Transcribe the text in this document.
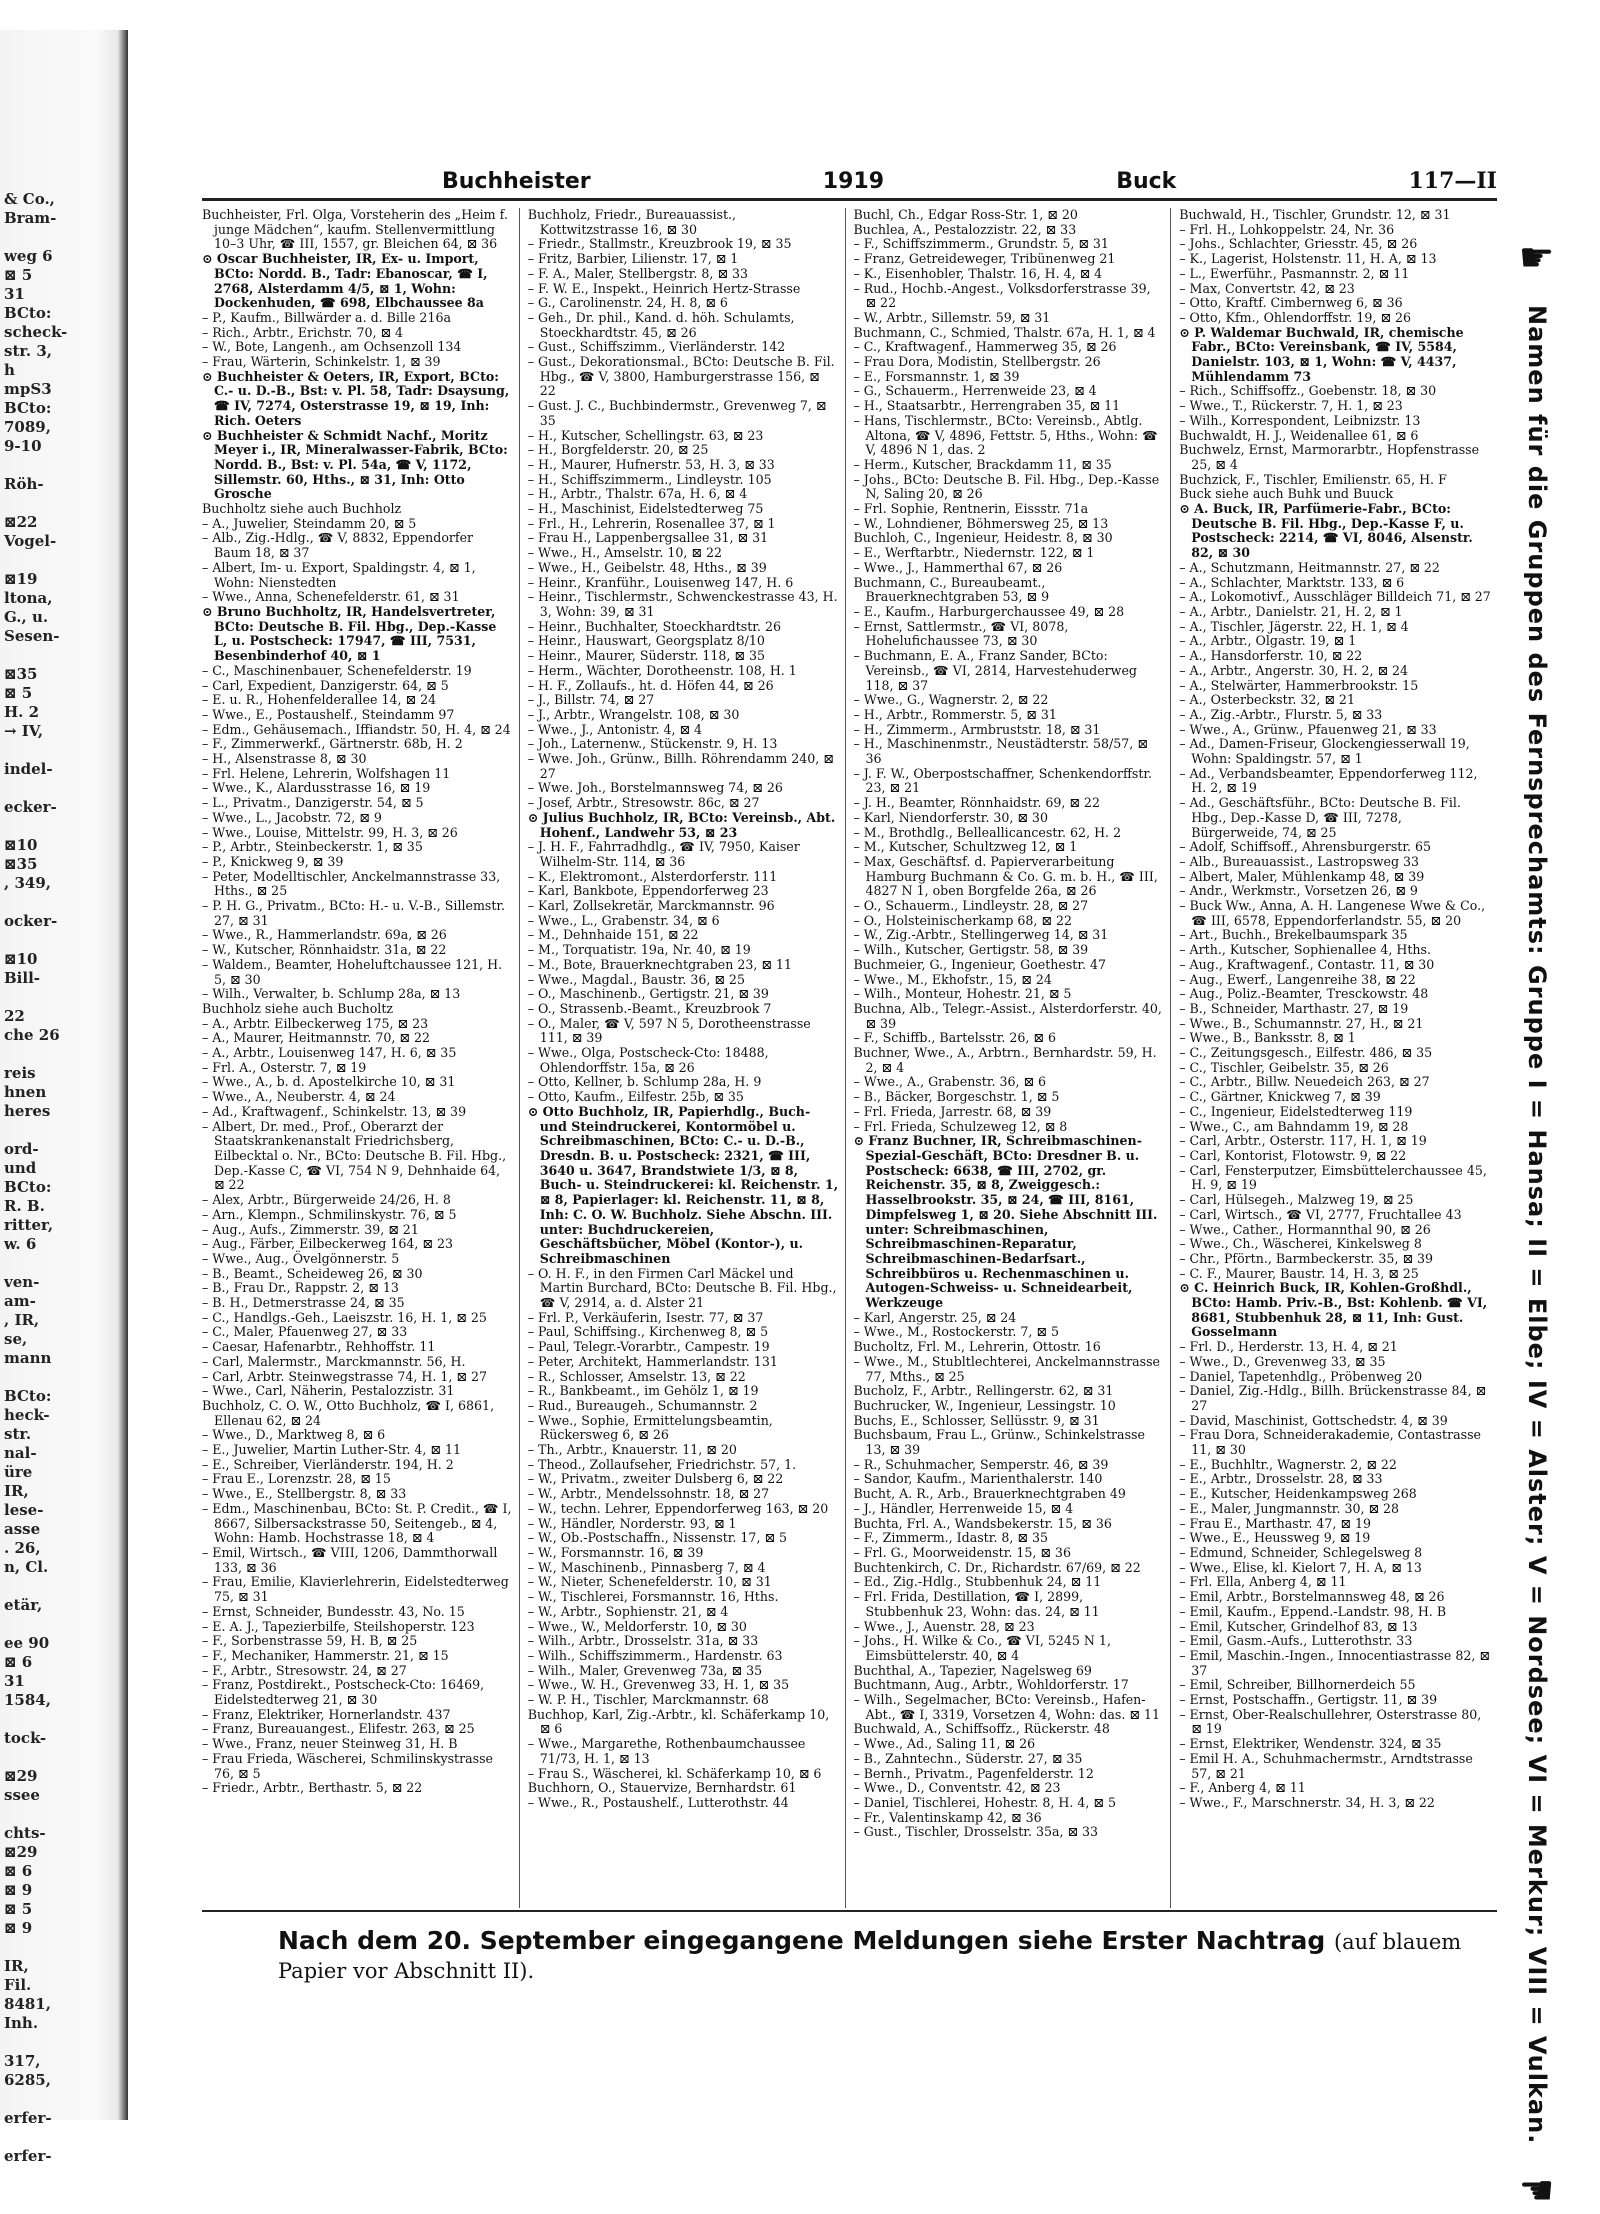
& Co.,
Bram-

weg 6
⊠ 5
31
BCto:
scheck-
str. 3,
h
mpS3
BCto:
7089,
9-10

Röh-

⊠22
Vogel-

⊠19
ltona,
G., u.
Sesen-

⊠35
⊠ 5
H. 2
→ IV,

indel-

ecker-

⊠10
⊠35
, 349,

ocker-

⊠10
Bill-

22
che 26

reis
hnen
heres

ord-
und
BCto:
R. B.
ritter,
w. 6

ven-
am-
, IR,
se,
mann

BCto:
heck-
str.
nal-
üre
IR,
lese-
asse
. 26,
n, Cl.

etär,

ee 90
⊠ 6
31
1584,

tock-

⊠29
ssee

chts-
⊠29
⊠ 6
⊠ 9
⊠ 5
⊠ 9

IR,
Fil.
8481,
Inh.

317,
6285,

erfer-

erfer-
Buchheister	1919	Buck	117—II

Buchheister, Frl. Olga, Vorsteherin des „Heim f. junge Mädchen“, kaufm. Stellenvermittlung 10–3 Uhr, ☎ III, 1557, gr. Bleichen 64, ⊠ 36

⊙ Oscar Buchheister, IR, Ex- u. Import, BCto: Nordd. B., Tadr: Ebanoscar, ☎ I, 2768, Alsterdamm 4/5, ⊠ 1, Wohn: Dockenhuden, ☎ 698, Elbchaussee 8a

– P., Kaufm., Billwärder a. d. Bille 216a

– Rich., Arbtr., Erichstr. 70, ⊠ 4

– W., Bote, Langenh., am Ochsenzoll 134

– Frau, Wärterin, Schinkelstr. 1, ⊠ 39

⊙ Buchheister & Oeters, IR, Export, BCto: C.- u. D.-B., Bst: v. Pl. 58, Tadr: Dsaysung, ☎ IV, 7274, Osterstrasse 19, ⊠ 19, Inh: Rich. Oeters

⊙ Buchheister & Schmidt Nachf., Moritz Meyer i., IR, Mineralwasser-Fabrik, BCto: Nordd. B., Bst: v. Pl. 54a, ☎ V, 1172, Sillemstr. 60, Hths., ⊠ 31, Inh: Otto Grosche

Buchholtz siehe auch Buchholz

– A., Juwelier, Steindamm 20, ⊠ 5

– Alb., Zig.-Hdlg., ☎ V, 8832, Eppendorfer Baum 18, ⊠ 37

– Albert, Im- u. Export, Spaldingstr. 4, ⊠ 1, Wohn: Nienstedten

– Wwe., Anna, Schenefelderstr. 61, ⊠ 31

⊙ Bruno Buchholtz, IR, Handelsvertreter, BCto: Deutsche B. Fil. Hbg., Dep.-Kasse L, u. Postscheck: 17947, ☎ III, 7531, Besenbinderhof 40, ⊠ 1

– C., Maschinenbauer, Schenefelderstr. 19

– Carl, Expedient, Danzigerstr. 64, ⊠ 5

– E. u. R., Hohenfelderallee 14, ⊠ 24

– Wwe., E., Postaushelf., Steindamm 97

– Edm., Gehäusemach., Iffiandstr. 50, H. 4, ⊠ 24

– F., Zimmerwerkf., Gärtnerstr. 68b, H. 2

– H., Alsenstrasse 8, ⊠ 30

– Frl. Helene, Lehrerin, Wolfshagen 11

– Wwe., K., Alardusstrasse 16, ⊠ 19

– L., Privatm., Danzigerstr. 54, ⊠ 5

– Wwe., L., Jacobstr. 72, ⊠ 9

– Wwe., Louise, Mittelstr. 99, H. 3, ⊠ 26

– P., Arbtr., Steinbeckerstr. 1, ⊠ 35

– P., Knickweg 9, ⊠ 39

– Peter, Modelltischler, Anckelmannstrasse 33, Hths., ⊠ 25

– P. H. G., Privatm., BCto: H.- u. V.-B., Sillemstr. 27, ⊠ 31

– Wwe., R., Hammerlandstr. 69a, ⊠ 26

– W., Kutscher, Rönnhaidstr. 31a, ⊠ 22

– Waldem., Beamter, Hoheluftchaussee 121, H. 5, ⊠ 30

– Wilh., Verwalter, b. Schlump 28a, ⊠ 13

Buchholz siehe auch Bucholtz

– A., Arbtr. Eilbeckerweg 175, ⊠ 23

– A., Maurer, Heitmannstr. 70, ⊠ 22

– A., Arbtr., Louisenweg 147, H. 6, ⊠ 35

– Frl. A., Osterstr. 7, ⊠ 19

– Wwe., A., b. d. Apostelkirche 10, ⊠ 31

– Wwe., A., Neuberstr. 4, ⊠ 24

– Ad., Kraftwagenf., Schinkelstr. 13, ⊠ 39

– Albert, Dr. med., Prof., Oberarzt der Staatskrankenanstalt Friedrichsberg, Eilbecktal o. Nr., BCto: Deutsche B. Fil. Hbg., Dep.-Kasse C, ☎ VI, 754 N 9, Dehnhaide 64, ⊠ 22

– Alex, Arbtr., Bürgerweide 24/26, H. 8

– Arn., Klempn., Schmilinskystr. 76, ⊠ 5

– Aug., Aufs., Zimmerstr. 39, ⊠ 21

– Aug., Färber, Eilbeckerweg 164, ⊠ 23

– Wwe., Aug., Övelgönnerstr. 5

– B., Beamt., Scheideweg 26, ⊠ 30

– B., Frau Dr., Rappstr. 2, ⊠ 13

– B. H., Detmerstrasse 24, ⊠ 35

– C., Handlgs.-Geh., Laeiszstr. 16, H. 1, ⊠ 25

– C., Maler, Pfauenweg 27, ⊠ 33

– Caesar, Hafenarbtr., Rehhoffstr. 11

– Carl, Malermstr., Marckmannstr. 56, H.

– Carl, Arbtr. Steinwegstrasse 74, H. 1, ⊠ 27

– Wwe., Carl, Näherin, Pestalozzistr. 31

Buchholz, C. O. W., Otto Buchholz, ☎ I, 6861, Ellenau 62, ⊠ 24

– Wwe., D., Marktweg 8, ⊠ 6

– E., Juwelier, Martin Luther-Str. 4, ⊠ 11

– E., Schreiber, Vierländerstr. 194, H. 2

– Frau E., Lorenzstr. 28, ⊠ 15

– Wwe., E., Stellbergstr. 8, ⊠ 33

– Edm., Maschinenbau, BCto: St. P. Credit., ☎ I, 8667, Silbersackstrasse 50, Seitengeb., ⊠ 4, Wohn: Hamb. Hochstrasse 18, ⊠ 4

– Emil, Wirtsch., ☎ VIII, 1206, Dammthorwall 133, ⊠ 36

– Frau, Emilie, Klavierlehrerin, Eidelstedterweg 75, ⊠ 31

– Ernst, Schneider, Bundesstr. 43, No. 15

– E. A. J., Tapezierbilfe, Steilshoperstr. 123

– F., Sorbenstrasse 59, H. B, ⊠ 25

– F., Mechaniker, Hammerstr. 21, ⊠ 15

– F., Arbtr., Stresowstr. 24, ⊠ 27

– Franz, Postdirekt., Postscheck-Cto: 16469, Eidelstedterweg 21, ⊠ 30

– Franz, Elektriker, Hornerlandstr. 437

– Franz, Bureauangest., Elifestr. 263, ⊠ 25

– Wwe., Franz, neuer Steinweg 31, H. B

– Frau Frieda, Wäscherei, Schmilinskystrasse 76, ⊠ 5

– Friedr., Arbtr., Berthastr. 5, ⊠ 22

Buchholz, Friedr., Bureauassist., Kottwitzstrasse 16, ⊠ 30

– Friedr., Stallmstr., Kreuzbrook 19, ⊠ 35

– Fritz, Barbier, Lilienstr. 17, ⊠ 1

– F. A., Maler, Stellbergstr. 8, ⊠ 33

– F. W. E., Inspekt., Heinrich Hertz-Strasse

– G., Carolinenstr. 24, H. 8, ⊠ 6

– Geh., Dr. phil., Kand. d. höh. Schulamts, Stoeckhardtstr. 45, ⊠ 26

– Gust., Schiffszimm., Vierländerstr. 142

– Gust., Dekorationsmal., BCto: Deutsche B. Fil. Hbg., ☎ V, 3800, Hamburgerstrasse 156, ⊠ 22

– Gust. J. C., Buchbindermstr., Grevenweg 7, ⊠ 35

– H., Kutscher, Schellingstr. 63, ⊠ 23

– H., Borgfelderstr. 20, ⊠ 25

– H., Maurer, Hufnerstr. 53, H. 3, ⊠ 33

– H., Schiffszimmerm., Lindleystr. 105

– H., Arbtr., Thalstr. 67a, H. 6, ⊠ 4

– H., Maschinist, Eidelstedterweg 75

– Frl., H., Lehrerin, Rosenallee 37, ⊠ 1

– Frau H., Lappenbergsallee 31, ⊠ 31

– Wwe., H., Amselstr. 10, ⊠ 22

– Wwe., H., Geibelstr. 48, Hths., ⊠ 39

– Heinr., Kranführ., Louisenweg 147, H. 6

– Heinr., Tischlermstr., Schwenckestrasse 43, H. 3, Wohn: 39, ⊠ 31

– Heinr., Buchhalter, Stoeckhardtstr. 26

– Heinr., Hauswart, Georgsplatz 8/10

– Heinr., Maurer, Süderstr. 118, ⊠ 35

– Herm., Wächter, Dorotheenstr. 108, H. 1

– H. F., Zollaufs., ht. d. Höfen 44, ⊠ 26

– J., Billstr. 74, ⊠ 27

– J., Arbtr., Wrangelstr. 108, ⊠ 30

– Wwe., J., Antonistr. 4, ⊠ 4

– Joh., Laternenw., Stückenstr. 9, H. 13

– Wwe. Joh., Grünw., Billh. Röhrendamm 240, ⊠ 27

– Wwe. Joh., Borstelmannsweg 74, ⊠ 26

– Josef, Arbtr., Stresowstr. 86c, ⊠ 27

⊙ Julius Buchholz, IR, BCto: Vereinsb., Abt. Hohenf., Landwehr 53, ⊠ 23

– J. H. F., Fahrradhdlg., ☎ IV, 7950, Kaiser Wilhelm-Str. 114, ⊠ 36

– K., Elektromont., Alsterdorferstr. 111

– Karl, Bankbote, Eppendorferweg 23

– Karl, Zollsekretär, Marckmannstr. 96

– Wwe., L., Grabenstr. 34, ⊠ 6

– M., Dehnhaide 151, ⊠ 22

– M., Torquatistr. 19a, Nr. 40, ⊠ 19

– M., Bote, Brauerknechtgraben 23, ⊠ 11

– Wwe., Magdal., Baustr. 36, ⊠ 25

– O., Maschinenb., Gertigstr. 21, ⊠ 39

– O., Strassenb.-Beamt., Kreuzbrook 7

– O., Maler, ☎ V, 597 N 5, Dorotheenstrasse 111, ⊠ 39

– Wwe., Olga, Postscheck-Cto: 18488, Ohlendorffstr. 15a, ⊠ 26

– Otto, Kellner, b. Schlump 28a, H. 9

– Otto, Kaufm., Eilfestr. 25b, ⊠ 35

⊙ Otto Buchholz, IR, Papierhdlg., Buch- und Steindruckerei, Kontormöbel u. Schreibmaschinen, BCto: C.- u. D.-B., Dresdn. B. u. Postscheck: 2321, ☎ III, 3640 u. 3647, Brandstwiete 1/3, ⊠ 8, Buch- u. Steindruckerei: kl. Reichenstr. 1, ⊠ 8, Papierlager: kl. Reichenstr. 11, ⊠ 8, Inh: C. O. W. Buchholz. Siehe Abschn. III. unter: Buchdruckereien, Geschäftsbücher, Möbel (Kontor-), u. Schreibmaschinen

– O. H. F., in den Firmen Carl Mäckel und Martin Burchard, BCto: Deutsche B. Fil. Hbg., ☎ V, 2914, a. d. Alster 21

– Frl. P., Verkäuferin, Isestr. 77, ⊠ 37

– Paul, Schiffsing., Kirchenweg 8, ⊠ 5

– Paul, Telegr.-Vorarbtr., Campestr. 19

– Peter, Architekt, Hammerlandstr. 131

– R., Schlosser, Amselstr. 13, ⊠ 22

– R., Bankbeamt., im Gehölz 1, ⊠ 19

– Rud., Bureaugeh., Schumannstr. 2

– Wwe., Sophie, Ermittelungsbeamtin, Rückersweg 6, ⊠ 26

– Th., Arbtr., Knauerstr. 11, ⊠ 20

– Theod., Zollaufseher, Friedrichstr. 57, 1.

– W., Privatm., zweiter Dulsberg 6, ⊠ 22

– W., Arbtr., Mendelssohnstr. 18, ⊠ 27

– W., techn. Lehrer, Eppendorferweg 163, ⊠ 20

– W., Händler, Norderstr. 93, ⊠ 1

– W., Ob.-Postschaffn., Nissenstr. 17, ⊠ 5

– W., Forsmannstr. 16, ⊠ 39

– W., Maschinenb., Pinnasberg 7, ⊠ 4

– W., Nieter, Schenefelderstr. 10, ⊠ 31

– W., Tischlerei, Forsmannstr. 16, Hths.

– W., Arbtr., Sophienstr. 21, ⊠ 4

– Wwe., W., Meldorferstr. 10, ⊠ 30

– Wilh., Arbtr., Drosselstr. 31a, ⊠ 33

– Wilh., Schiffszimmerm., Hardenstr. 63

– Wilh., Maler, Grevenweg 73a, ⊠ 35

– Wwe., W. H., Grevenweg 33, H. 1, ⊠ 35

– W. P. H., Tischler, Marckmannstr. 68

Buchhop, Karl, Zig.-Arbtr., kl. Schäferkamp 10, ⊠ 6

– Wwe., Margarethe, Rothenbaumchaussee 71/73, H. 1, ⊠ 13

– Frau S., Wäscherei, kl. Schäferkamp 10, ⊠ 6

Buchhorn, O., Stauervize, Bernhardstr. 61

– Wwe., R., Postaushelf., Lutterothstr. 44

Buchl, Ch., Edgar Ross-Str. 1, ⊠ 20

Buchlea, A., Pestalozzistr. 22, ⊠ 33

– F., Schiffszimmerm., Grundstr. 5, ⊠ 31

– Franz, Getreideweger, Tribünenweg 21

– K., Eisenhobler, Thalstr. 16, H. 4, ⊠ 4

– Rud., Hochb.-Angest., Volksdorferstrasse 39, ⊠ 22

– W., Arbtr., Sillemstr. 59, ⊠ 31

Buchmann, C., Schmied, Thalstr. 67a, H. 1, ⊠ 4

– C., Kraftwagenf., Hammerweg 35, ⊠ 26

– Frau Dora, Modistin, Stellbergstr. 26

– E., Forsmannstr. 1, ⊠ 39

– G., Schauerm., Herrenweide 23, ⊠ 4

– H., Staatsarbtr., Herrengraben 35, ⊠ 11

– Hans, Tischlermstr., BCto: Vereinsb., Abtlg. Altona, ☎ V, 4896, Fettstr. 5, Hths., Wohn: ☎ V, 4896 N 1, das. 2

– Herm., Kutscher, Brackdamm 11, ⊠ 35

– Johs., BCto: Deutsche B. Fil. Hbg., Dep.-Kasse N, Saling 20, ⊠ 26

– Frl. Sophie, Rentnerin, Eissstr. 71a

– W., Lohndiener, Böhmersweg 25, ⊠ 13

Buchloh, C., Ingenieur, Heidestr. 8, ⊠ 30

– E., Werftarbtr., Niedernstr. 122, ⊠ 1

– Wwe., J., Hammerthal 67, ⊠ 26

Buchmann, C., Bureaubeamt., Brauerknechtgraben 53, ⊠ 9

– E., Kaufm., Harburgerchaussee 49, ⊠ 28

– Ernst, Sattlermstr., ☎ VI, 8078, Hohelufichaussee 73, ⊠ 30

– Buchmann, E. A., Franz Sander, BCto: Vereinsb., ☎ VI, 2814, Harvestehuderweg 118, ⊠ 37

– Wwe., G., Wagnerstr. 2, ⊠ 22

– H., Arbtr., Rommerstr. 5, ⊠ 31

– H., Zimmerm., Armbruststr. 18, ⊠ 31

– H., Maschinenmstr., Neustädterstr. 58/57, ⊠ 36

– J. F. W., Oberpostschaffner, Schenkendorffstr. 23, ⊠ 21

– J. H., Beamter, Rönnhaidstr. 69, ⊠ 22

– Karl, Niendorferstr. 30, ⊠ 30

– M., Brothdlg., Belleallicancestr. 62, H. 2

– M., Kutscher, Schultzweg 12, ⊠ 1

– Max, Geschäftsf. d. Papierverarbeitung Hamburg Buchmann & Co. G. m. b. H., ☎ III, 4827 N 1, oben Borgfelde 26a, ⊠ 26

– O., Schauerm., Lindleystr. 28, ⊠ 27

– O., Holsteinischerkamp 68, ⊠ 22

– W., Zig.-Arbtr., Stellingerweg 14, ⊠ 31

– Wilh., Kutscher, Gertigstr. 58, ⊠ 39

Buchmeier, G., Ingenieur, Goethestr. 47

– Wwe., M., Ekhofstr., 15, ⊠ 24

– Wilh., Monteur, Hohestr. 21, ⊠ 5

Buchna, Alb., Telegr.-Assist., Alsterdorferstr. 40, ⊠ 39

– F., Schiffb., Bartelsstr. 26, ⊠ 6

Buchner, Wwe., A., Arbtrn., Bernhardstr. 59, H. 2, ⊠ 4

– Wwe., A., Grabenstr. 36, ⊠ 6

– B., Bäcker, Borgeschstr. 1, ⊠ 5

– Frl. Frieda, Jarrestr. 68, ⊠ 39

– Frl. Frieda, Schulzeweg 12, ⊠ 8

⊙ Franz Buchner, IR, Schreibmaschinen-Spezial-Geschäft, BCto: Dresdner B. u. Postscheck: 6638, ☎ III, 2702, gr. Reichenstr. 35, ⊠ 8, Zweiggesch.: Hasselbrookstr. 35, ⊠ 24, ☎ III, 8161, Dimpfelsweg 1, ⊠ 20. Siehe Abschnitt III. unter: Schreibmaschinen, Schreibmaschinen-Reparatur, Schreibmaschinen-Bedarfsart., Schreibbüros u. Rechenmaschinen u. Autogen-Schweiss- u. Schneidearbeit, Werkzeuge

– Karl, Angerstr. 25, ⊠ 24

– Wwe., M., Rostockerstr. 7, ⊠ 5

Bucholtz, Frl. M., Lehrerin, Ottostr. 16

– Wwe., M., Stubltlechterei, Anckelmannstrasse 77, Mths., ⊠ 25

Bucholz, F., Arbtr., Rellingerstr. 62, ⊠ 31

Buchrucker, W., Ingenieur, Lessingstr. 10

Buchs, E., Schlosser, Sellüsstr. 9, ⊠ 31

Buchsbaum, Frau L., Grünw., Schinkelstrasse 13, ⊠ 39

– R., Schuhmacher, Semperstr. 46, ⊠ 39

– Sandor, Kaufm., Marienthalerstr. 140

Bucht, A. R., Arb., Brauerknechtgraben 49

– J., Händler, Herrenweide 15, ⊠ 4

Buchta, Frl. A., Wandsbekerstr. 15, ⊠ 36

– F., Zimmerm., Idastr. 8, ⊠ 35

– Frl. G., Moorweidenstr. 15, ⊠ 36

Buchtenkirch, C. Dr., Richardstr. 67/69, ⊠ 22

– Ed., Zig.-Hdlg., Stubbenhuk 24, ⊠ 11

– Frl. Frida, Destillation, ☎ I, 2899, Stubbenhuk 23, Wohn: das. 24, ⊠ 11

– Wwe., J., Auenstr. 28, ⊠ 23

– Johs., H. Wilke & Co., ☎ VI, 5245 N 1, Eimsbüttelerstr. 40, ⊠ 4

Buchthal, A., Tapezier, Nagelsweg 69

Buchtmann, Aug., Arbtr., Wohldorferstr. 17

– Wilh., Segelmacher, BCto: Vereinsb., Hafen-Abt., ☎ I, 3319, Vorsetzen 4, Wohn: das. ⊠ 11

Buchwald, A., Schiffsoffz., Rückerstr. 48

– Wwe., Ad., Saling 11, ⊠ 26

– B., Zahntechn., Süderstr. 27, ⊠ 35

– Bernh., Privatm., Pagenfelderstr. 12

– Wwe., D., Conventstr. 42, ⊠ 23

– Daniel, Tischlerei, Hohestr. 8, H. 4, ⊠ 5

– Fr., Valentinskamp 42, ⊠ 36

– Gust., Tischler, Drosselstr. 35a, ⊠ 33

Buchwald, H., Tischler, Grundstr. 12, ⊠ 31

– Frl. H., Lohkoppelstr. 24, Nr. 36

– Johs., Schlachter, Griesstr. 45, ⊠ 26

– K., Lagerist, Holstenstr. 11, H. A, ⊠ 13

– L., Ewerführ., Pasmannstr. 2, ⊠ 11

– Max, Convertstr. 42, ⊠ 23

– Otto, Kraftf. Cimbernweg 6, ⊠ 36

– Otto, Kfm., Ohlendorffstr. 19, ⊠ 26

⊙ P. Waldemar Buchwald, IR, chemische Fabr., BCto: Vereinsbank, ☎ IV, 5584, Danielstr. 103, ⊠ 1, Wohn: ☎ V, 4437, Mühlendamm 73

– Rich., Schiffsoffz., Goebenstr. 18, ⊠ 30

– Wwe., T., Rückerstr. 7, H. 1, ⊠ 23

– Wilh., Korrespondent, Leibnizstr. 13

Buchwaldt, H. J., Weidenallee 61, ⊠ 6

Buchwelz, Ernst, Marmorarbtr., Hopfenstrasse 25, ⊠ 4

Buchzick, F., Tischler, Emilienstr. 65, H. F

Buck siehe auch Buhk und Buuck

⊙ A. Buck, IR, Parfümerie-Fabr., BCto: Deutsche B. Fil. Hbg., Dep.-Kasse F, u. Postscheck: 2214, ☎ VI, 8046, Alsenstr. 82, ⊠ 30

– A., Schutzmann, Heitmannstr. 27, ⊠ 22

– A., Schlachter, Marktstr. 133, ⊠ 6

– A., Lokomotivf., Ausschläger Billdeich 71, ⊠ 27

– A., Arbtr., Danielstr. 21, H. 2, ⊠ 1

– A., Tischler, Jägerstr. 22, H. 1, ⊠ 4

– A., Arbtr., Olgastr. 19, ⊠ 1

– A., Hansdorferstr. 10, ⊠ 22

– A., Arbtr., Angerstr. 30, H. 2, ⊠ 24

– A., Stelwärter, Hammerbrookstr. 15

– A., Osterbeckstr. 32, ⊠ 21

– A., Zig.-Arbtr., Flurstr. 5, ⊠ 33

– Wwe., A., Grünw., Pfauenweg 21, ⊠ 33

– Ad., Damen-Friseur, Glockengiesserwall 19, Wohn: Spaldingstr. 57, ⊠ 1

– Ad., Verbandsbeamter, Eppendorferweg 112, H. 2, ⊠ 19

– Ad., Geschäftsführ., BCto: Deutsche B. Fil. Hbg., Dep.-Kasse D, ☎ III, 7278, Bürgerweide, 74, ⊠ 25

– Adolf, Schiffsoff., Ahrensburgerstr. 65

– Alb., Bureauassist., Lastropsweg 33

– Albert, Maler, Mühlenkamp 48, ⊠ 39

– Andr., Werkmstr., Vorsetzen 26, ⊠ 9

– Buck Ww., Anna, A. H. Langenese Wwe & Co., ☎ III, 6578, Eppendorferlandstr. 55, ⊠ 20

– Art., Buchh., Brekelbaumspark 35

– Arth., Kutscher, Sophienallee 4, Hths.

– Aug., Kraftwagenf., Contastr. 11, ⊠ 30

– Aug., Ewerf., Langenreihe 38, ⊠ 22

– Aug., Poliz.-Beamter, Tresckowstr. 48

– B., Schneider, Marthastr. 27, ⊠ 19

– Wwe., B., Schumannstr. 27, H., ⊠ 21

– Wwe., B., Banksstr. 8, ⊠ 1

– C., Zeitungsgesch., Eilfestr. 486, ⊠ 35

– C., Tischler, Geibelstr. 35, ⊠ 26

– C., Arbtr., Billw. Neuedeich 263, ⊠ 27

– C., Gärtner, Knickweg 7, ⊠ 39

– C., Ingenieur, Eidelstedterweg 119

– Wwe., C., am Bahndamm 19, ⊠ 28

– Carl, Arbtr., Osterstr. 117, H. 1, ⊠ 19

– Carl, Kontorist, Flotowstr. 9, ⊠ 22

– Carl, Fensterputzer, Eimsbüttelerchaussee 45, H. 9, ⊠ 19

– Carl, Hülsegeh., Malzweg 19, ⊠ 25

– Carl, Wirtsch., ☎ VI, 2777, Fruchtallee 43

– Wwe., Cather., Hormannthal 90, ⊠ 26

– Wwe., Ch., Wäscherei, Kinkelsweg 8

– Chr., Pförtn., Barmbeckerstr. 35, ⊠ 39

– C. F., Maurer, Baustr. 14, H. 3, ⊠ 25

⊙ C. Heinrich Buck, IR, Kohlen-Großhdl., BCto: Hamb. Priv.-B., Bst: Kohlenb. ☎ VI, 8681, Stubbenhuk 28, ⊠ 11, Inh: Gust. Gosselmann

– Frl. D., Herderstr. 13, H. 4, ⊠ 21

– Wwe., D., Grevenweg 33, ⊠ 35

– Daniel, Tapetenhdlg., Pröbenweg 20

– Daniel, Zig.-Hdlg., Billh. Brückenstrasse 84, ⊠ 27

– David, Maschinist, Gottschedstr. 4, ⊠ 39

– Frau Dora, Schneiderakademie, Contastrasse 11, ⊠ 30

– E., Buchhltr., Wagnerstr. 2, ⊠ 22

– E., Arbtr., Drosselstr. 28, ⊠ 33

– E., Kutscher, Heidenkampsweg 268

– E., Maler, Jungmannstr. 30, ⊠ 28

– Frau E., Marthastr. 47, ⊠ 19

– Wwe., E., Heussweg 9, ⊠ 19

– Edmund, Schneider, Schlegelsweg 8

– Wwe., Elise, kl. Kielort 7, H. A, ⊠ 13

– Frl. Ella, Anberg 4, ⊠ 11

– Emil, Arbtr., Borstelmannsweg 48, ⊠ 26

– Emil, Kaufm., Eppend.-Landstr. 98, H. B

– Emil, Kutscher, Grindelhof 83, ⊠ 13

– Emil, Gasm.-Aufs., Lutterothstr. 33

– Emil, Maschin.-Ingen., Innocentiastrasse 82, ⊠ 37

– Emil, Schreiber, Billhornerdeich 55

– Ernst, Postschaffn., Gertigstr. 11, ⊠ 39

– Ernst, Ober-Realschullehrer, Osterstrasse 80, ⊠ 19

– Ernst, Elektriker, Wendenstr. 324, ⊠ 35

– Emil H. A., Schuhmachermstr., Arndtstrasse 57, ⊠ 21

– F., Anberg 4, ⊠ 11

– Wwe., F., Marschnerstr. 34, H. 3, ⊠ 22

☛
Namen für die Gruppen des Fernsprechamts: Gruppe I = Hansa; II = Elbe; IV = Alster; V = Nordsee; VI = Merkur; VIII = Vulkan.
☚
Nach dem 20. September eingegangene Meldungen siehe Erster Nachtrag (auf blauem Papier vor Abschnitt II).
